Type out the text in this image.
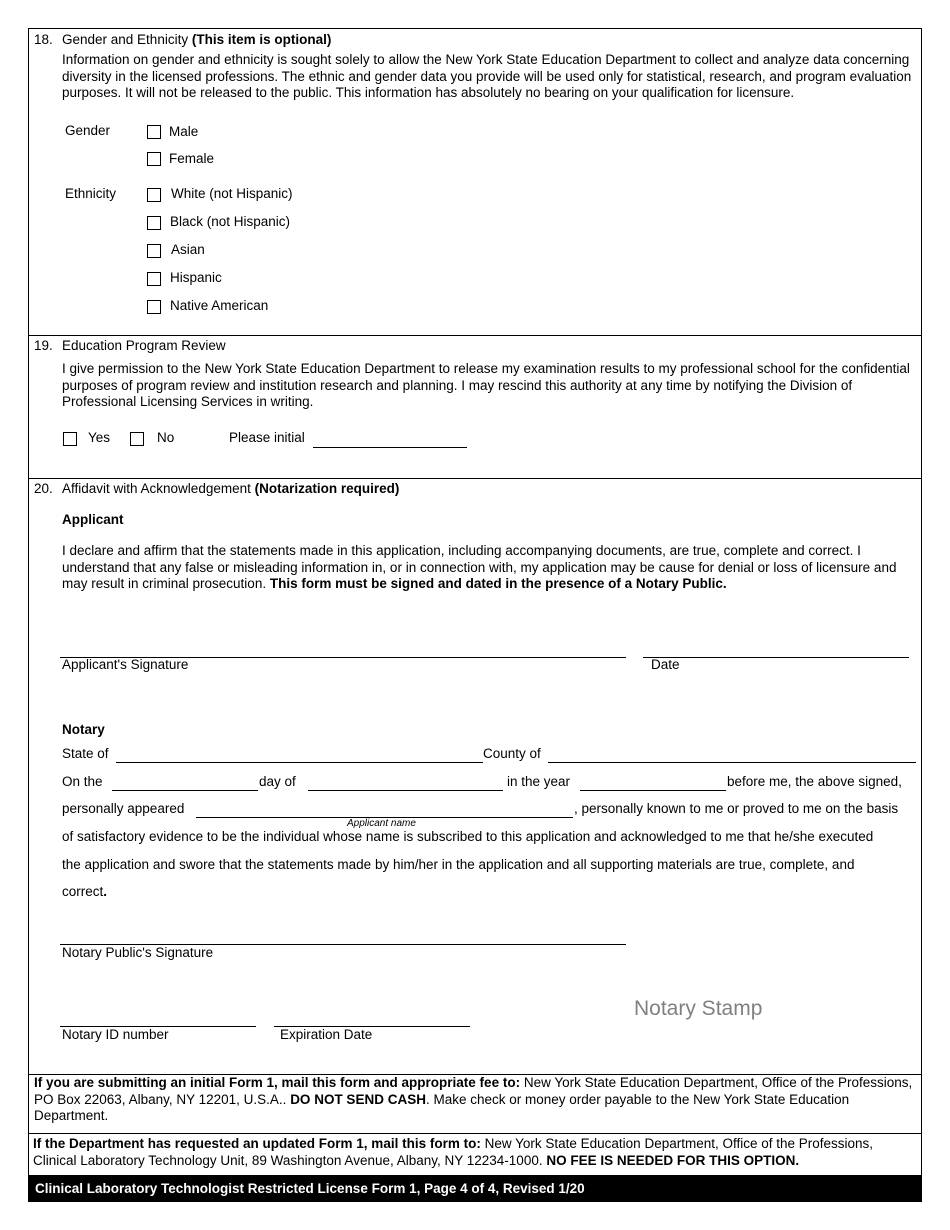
18. Gender and Ethnicity (This item is optional)
Information on gender and ethnicity is sought solely to allow the New York State Education Department to collect and analyze data concerning diversity in the licensed professions. The ethnic and gender data you provide will be used only for statistical, research, and program evaluation purposes. It will not be released to the public. This information has absolutely no bearing on your qualification for licensure.
Gender	Male
Female
Ethnicity	White (not Hispanic)
Black (not Hispanic)
Asian
Hispanic
Native American
19. Education Program Review
I give permission to the New York State Education Department to release my examination results to my professional school for the confidential purposes of program review and institution research and planning. I may rescind this authority at any time by notifying the Division of Professional Licensing Services in writing.
Yes	No	Please initial
20. Affidavit with Acknowledgement (Notarization required)
Applicant
I declare and affirm that the statements made in this application, including accompanying documents, are true, complete and correct. I understand that any false or misleading information in, or in connection with, my application may be cause for denial or loss of licensure and may result in criminal prosecution. This form must be signed and dated in the presence of a Notary Public.
Applicant's Signature	Date
Notary
State of	County of
On the	day of	in the year	before me, the above signed,
personally appeared
Applicant name
, personally known to me or proved to me on the basis
of satisfactory evidence to be the individual whose name is subscribed to this application and acknowledged to me that he/she executed
the application and swore that the statements made by him/her in the application and all supporting materials are true, complete, and
correct.
Notary Public's Signature
Notary Stamp
Notary ID number	Expiration Date
If you are submitting an initial Form 1, mail this form and appropriate fee to: New York State Education Department, Office of the Professions, PO Box 22063, Albany, NY 12201, U.S.A.. DO NOT SEND CASH. Make check or money order payable to the New York State Education Department.
If the Department has requested an updated Form 1, mail this form to: New York State Education Department, Office of the Professions, Clinical Laboratory Technology Unit, 89 Washington Avenue, Albany, NY 12234-1000. NO FEE IS NEEDED FOR THIS OPTION.
Clinical Laboratory Technologist Restricted License Form 1, Page 4 of 4, Revised 1/20
